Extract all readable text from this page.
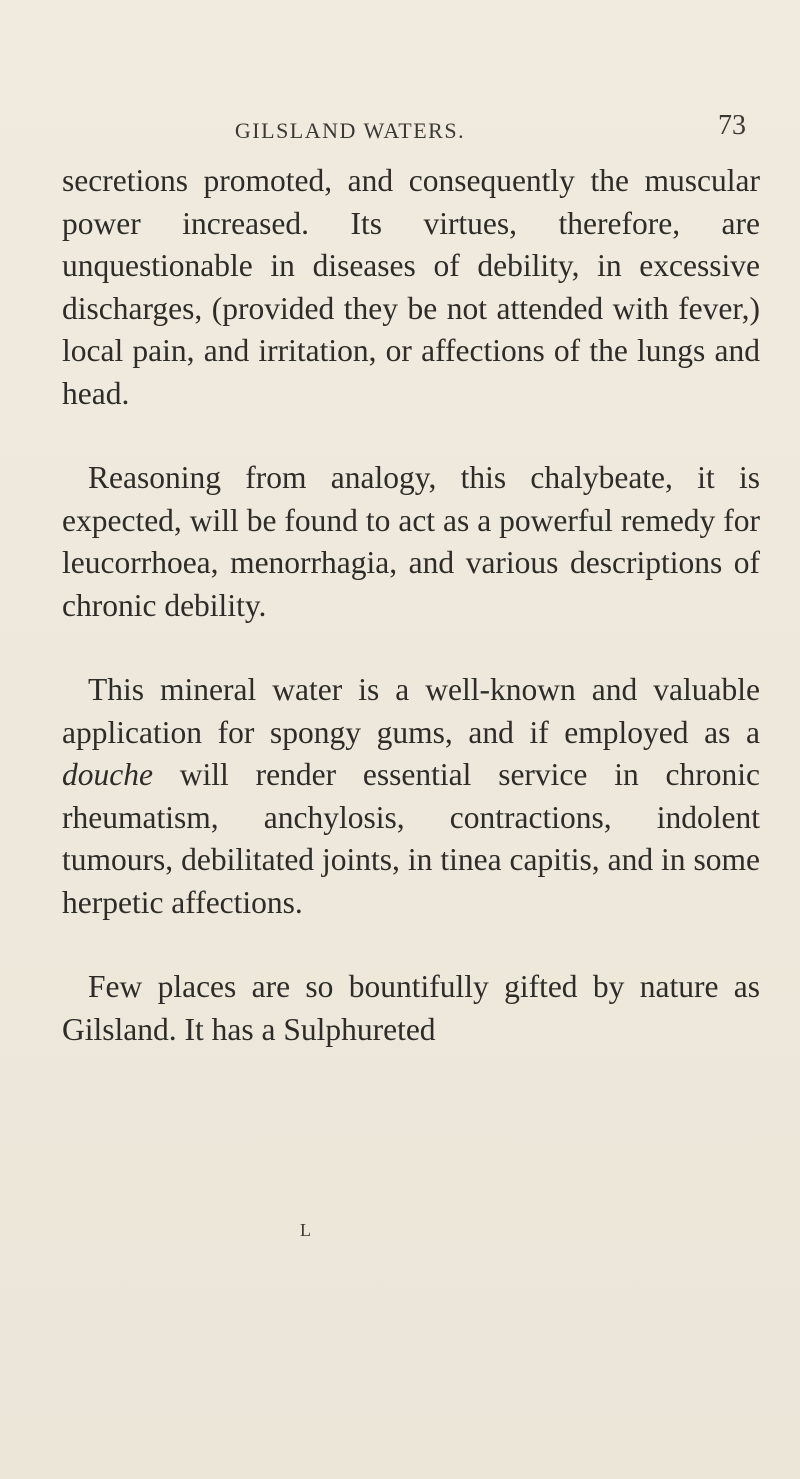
GILSLAND WATERS.	73

secretions promoted, and consequently the muscular power increased. Its virtues, therefore, are unquestionable in diseases of debility, in excessive discharges, (provided they be not attended with fever,) local pain, and irritation, or affections of the lungs and head.

Reasoning from analogy, this chalybeate, it is expected, will be found to act as a powerful remedy for leucorrhoea, menorrhagia, and various descriptions of chronic debility.

This mineral water is a well-known and valuable application for spongy gums, and if employed as a douche will render essential service in chronic rheumatism, anchylosis, contractions, indolent tumours, debilitated joints, in tinea capitis, and in some herpetic affections.

Few places are so bountifully gifted by nature as Gilsland. It has a Sulphureted

L
